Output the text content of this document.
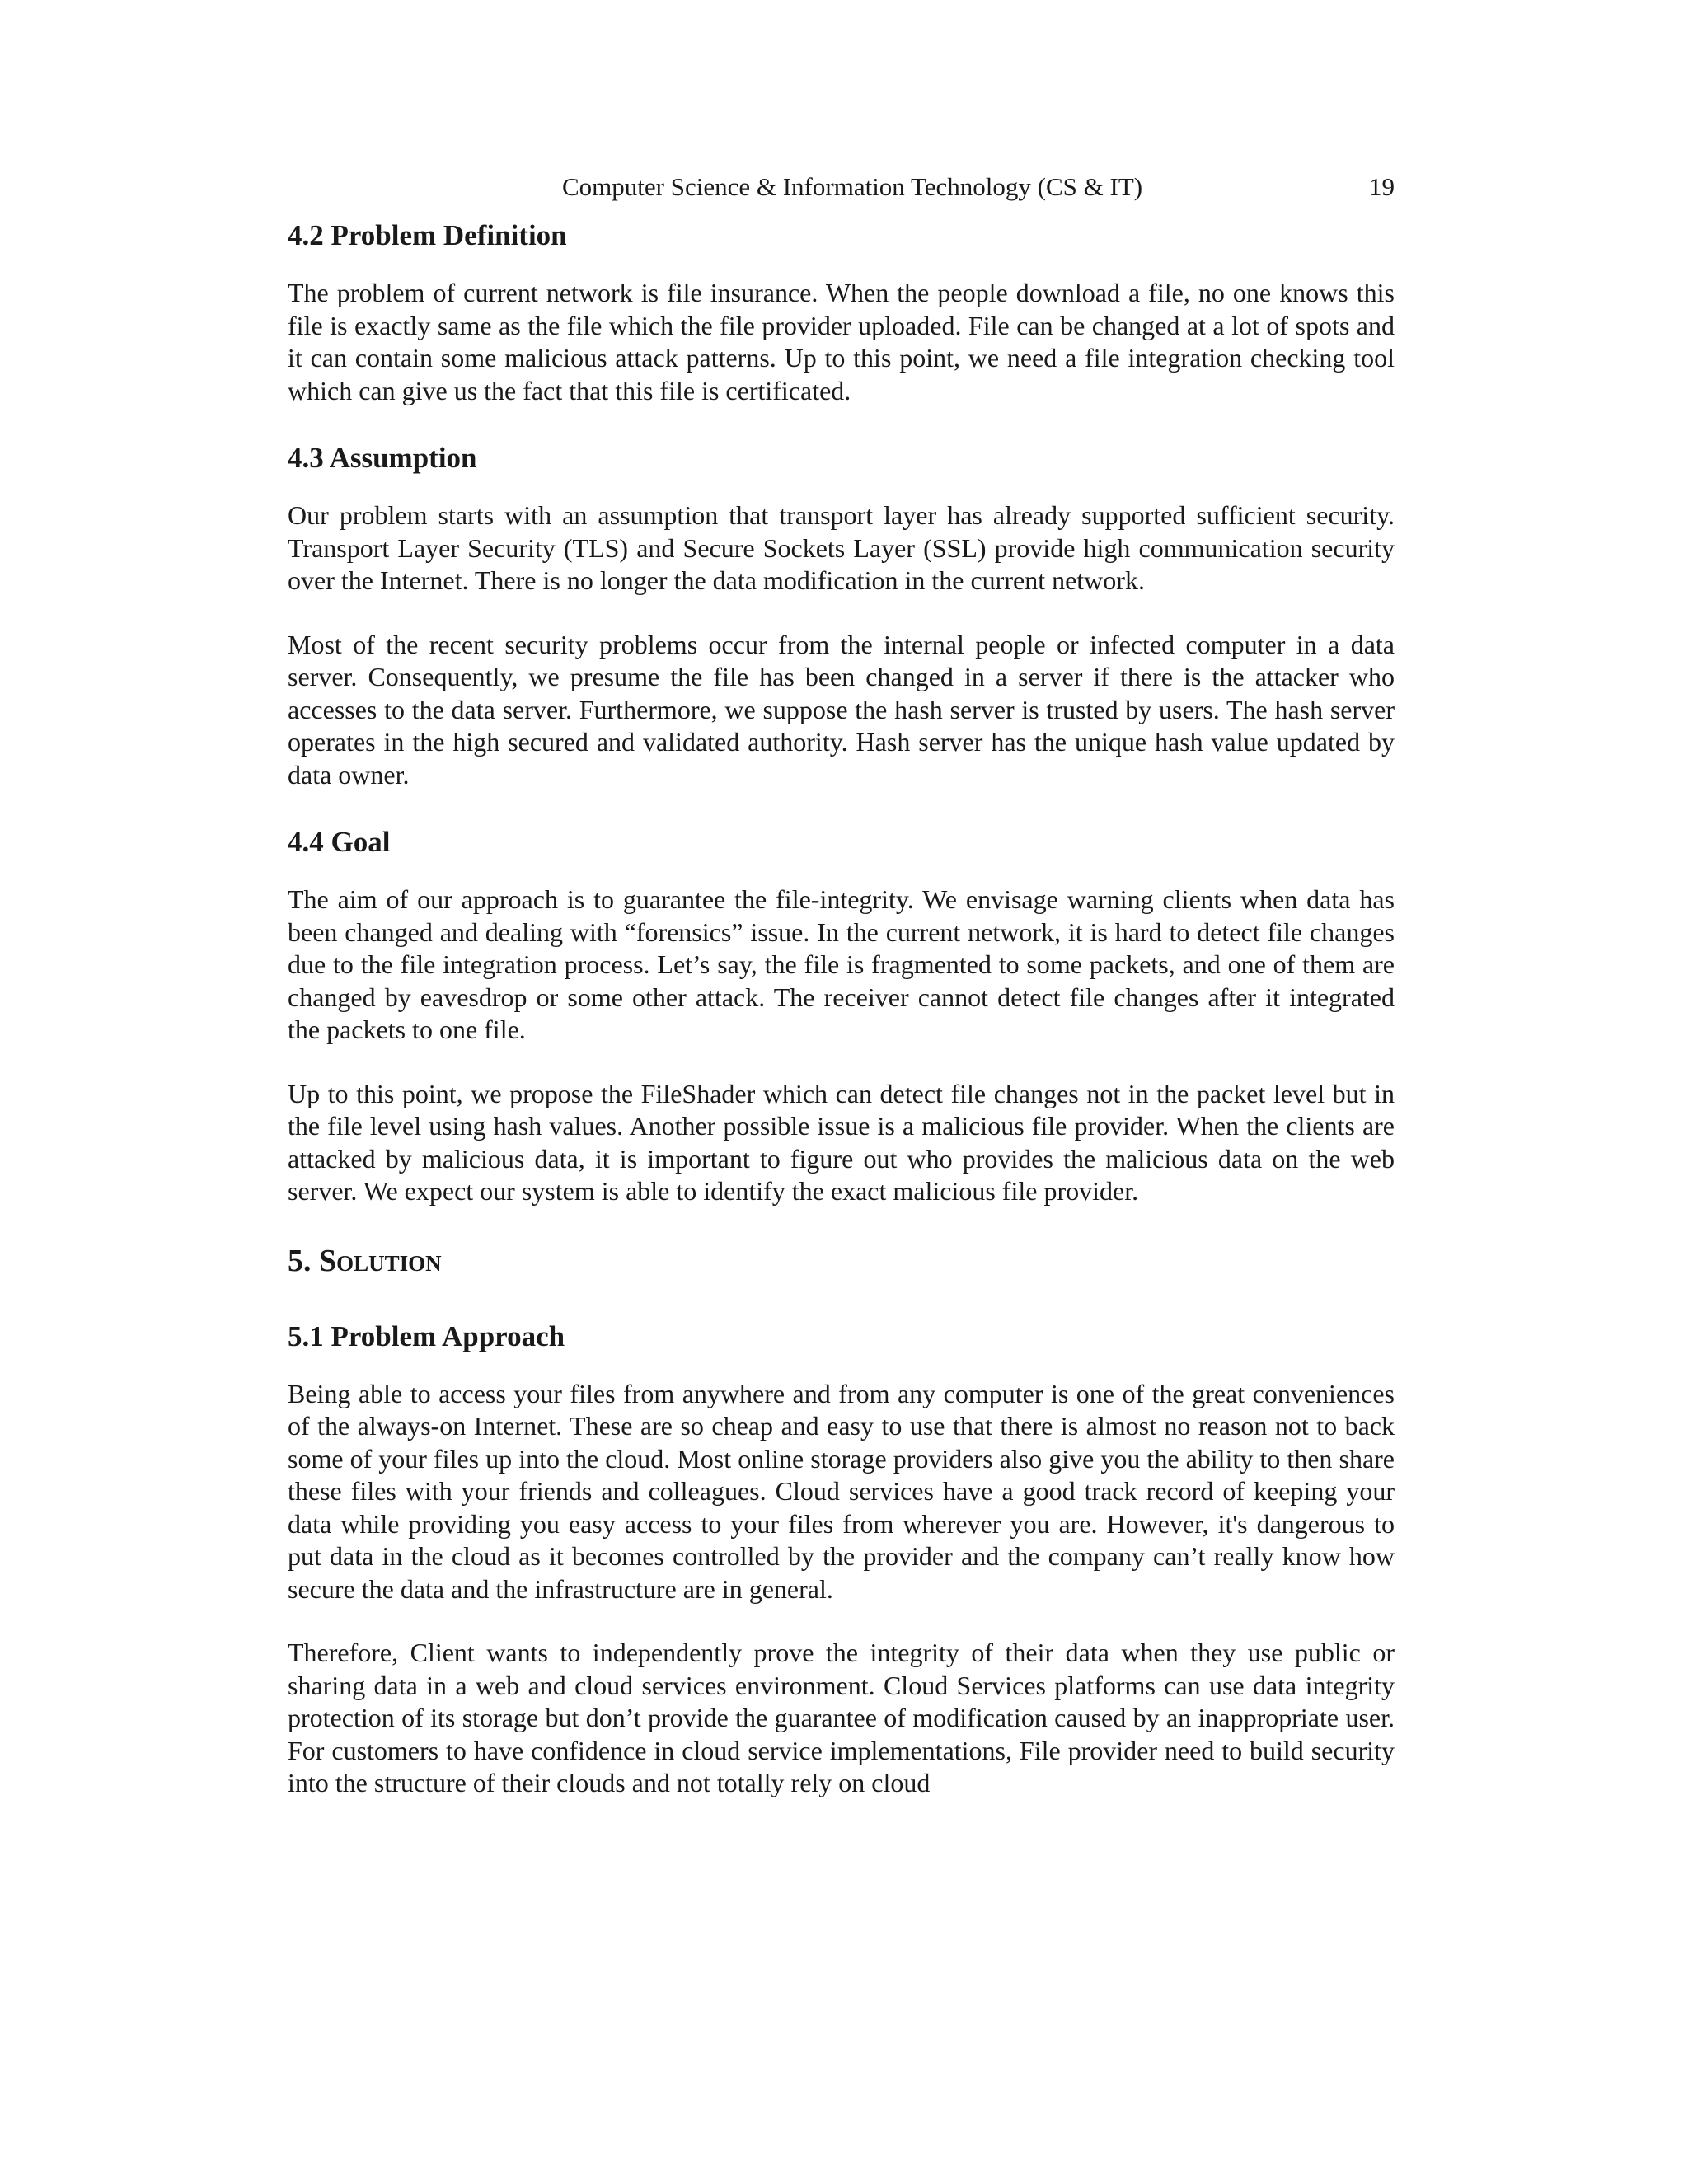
Computer Science & Information Technology (CS & IT)	19
4.2 Problem Definition

The problem of current network is file insurance. When the people download a file, no one knows this file is exactly same as the file which the file provider uploaded. File can be changed at a lot of spots and it can contain some malicious attack patterns. Up to this point, we need a file integration checking tool which can give us the fact that this file is certificated.

4.3 Assumption

Our problem starts with an assumption that transport layer has already supported sufficient security. Transport Layer Security (TLS) and Secure Sockets Layer (SSL) provide high communication security over the Internet. There is no longer the data modification in the current network.

Most of the recent security problems occur from the internal people or infected computer in a data server. Consequently, we presume the file has been changed in a server if there is the attacker who accesses to the data server. Furthermore, we suppose the hash server is trusted by users. The hash server operates in the high secured and validated authority. Hash server has the unique hash value updated by data owner.

4.4 Goal

The aim of our approach is to guarantee the file-integrity. We envisage warning clients when data has been changed and dealing with “forensics” issue. In the current network, it is hard to detect file changes due to the file integration process. Let’s say, the file is fragmented to some packets, and one of them are changed by eavesdrop or some other attack. The receiver cannot detect file changes after it integrated the packets to one file.

Up to this point, we propose the FileShader which can detect file changes not in the packet level but in the file level using hash values. Another possible issue is a malicious file provider. When the clients are attacked by malicious data, it is important to figure out who provides the malicious data on the web server. We expect our system is able to identify the exact malicious file provider.

5. Solution
5.1 Problem Approach

Being able to access your files from anywhere and from any computer is one of the great conveniences of the always-on Internet. These are so cheap and easy to use that there is almost no reason not to back some of your files up into the cloud. Most online storage providers also give you the ability to then share these files with your friends and colleagues. Cloud services have a good track record of keeping your data while providing you easy access to your files from wherever you are. However, it's dangerous to put data in the cloud as it becomes controlled by the provider and the company can’t really know how secure the data and the infrastructure are in general.

Therefore, Client wants to independently prove the integrity of their data when they use public or sharing data in a web and cloud services environment. Cloud Services platforms can use data integrity protection of its storage but don’t provide the guarantee of modification caused by an inappropriate user. For customers to have confidence in cloud service implementations, File provider need to build security into the structure of their clouds and not totally rely on cloud
